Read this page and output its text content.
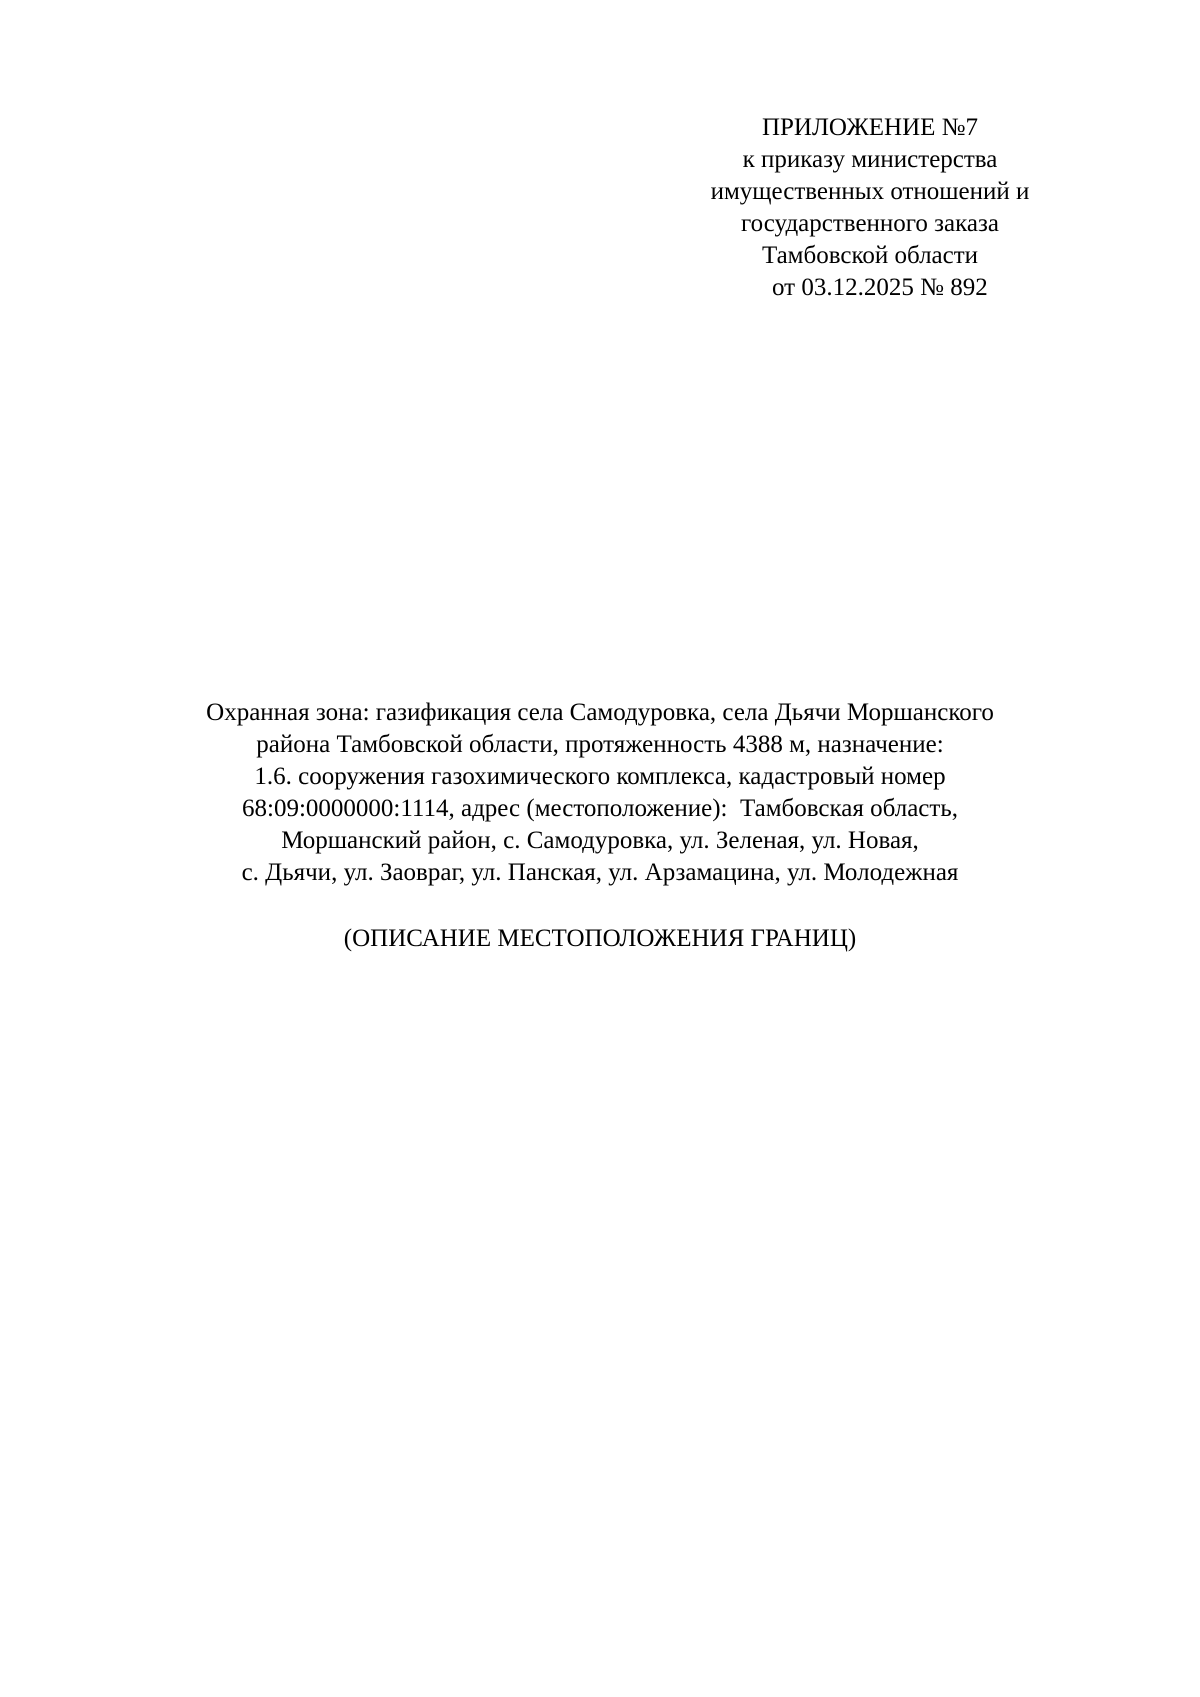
ПРИЛОЖЕНИЕ №7
к приказу министерства
имущественных отношений и
государственного заказа
Тамбовской области
от 03.12.2025 № 892
Охранная зона: газификация села Самодуровка, села Дьячи Моршанского
района Тамбовской области, протяженность 4388 м, назначение:
1.6. сооружения газохимического комплекса, кадастровый номер
68:09:0000000:1114, адрес (местоположение):  Тамбовская область,
Моршанский район, с. Самодуровка, ул. Зеленая, ул. Новая,
с. Дьячи, ул. Заовраг, ул. Панская, ул. Арзамацина, ул. Молодежная
(ОПИСАНИЕ МЕСТОПОЛОЖЕНИЯ ГРАНИЦ)
